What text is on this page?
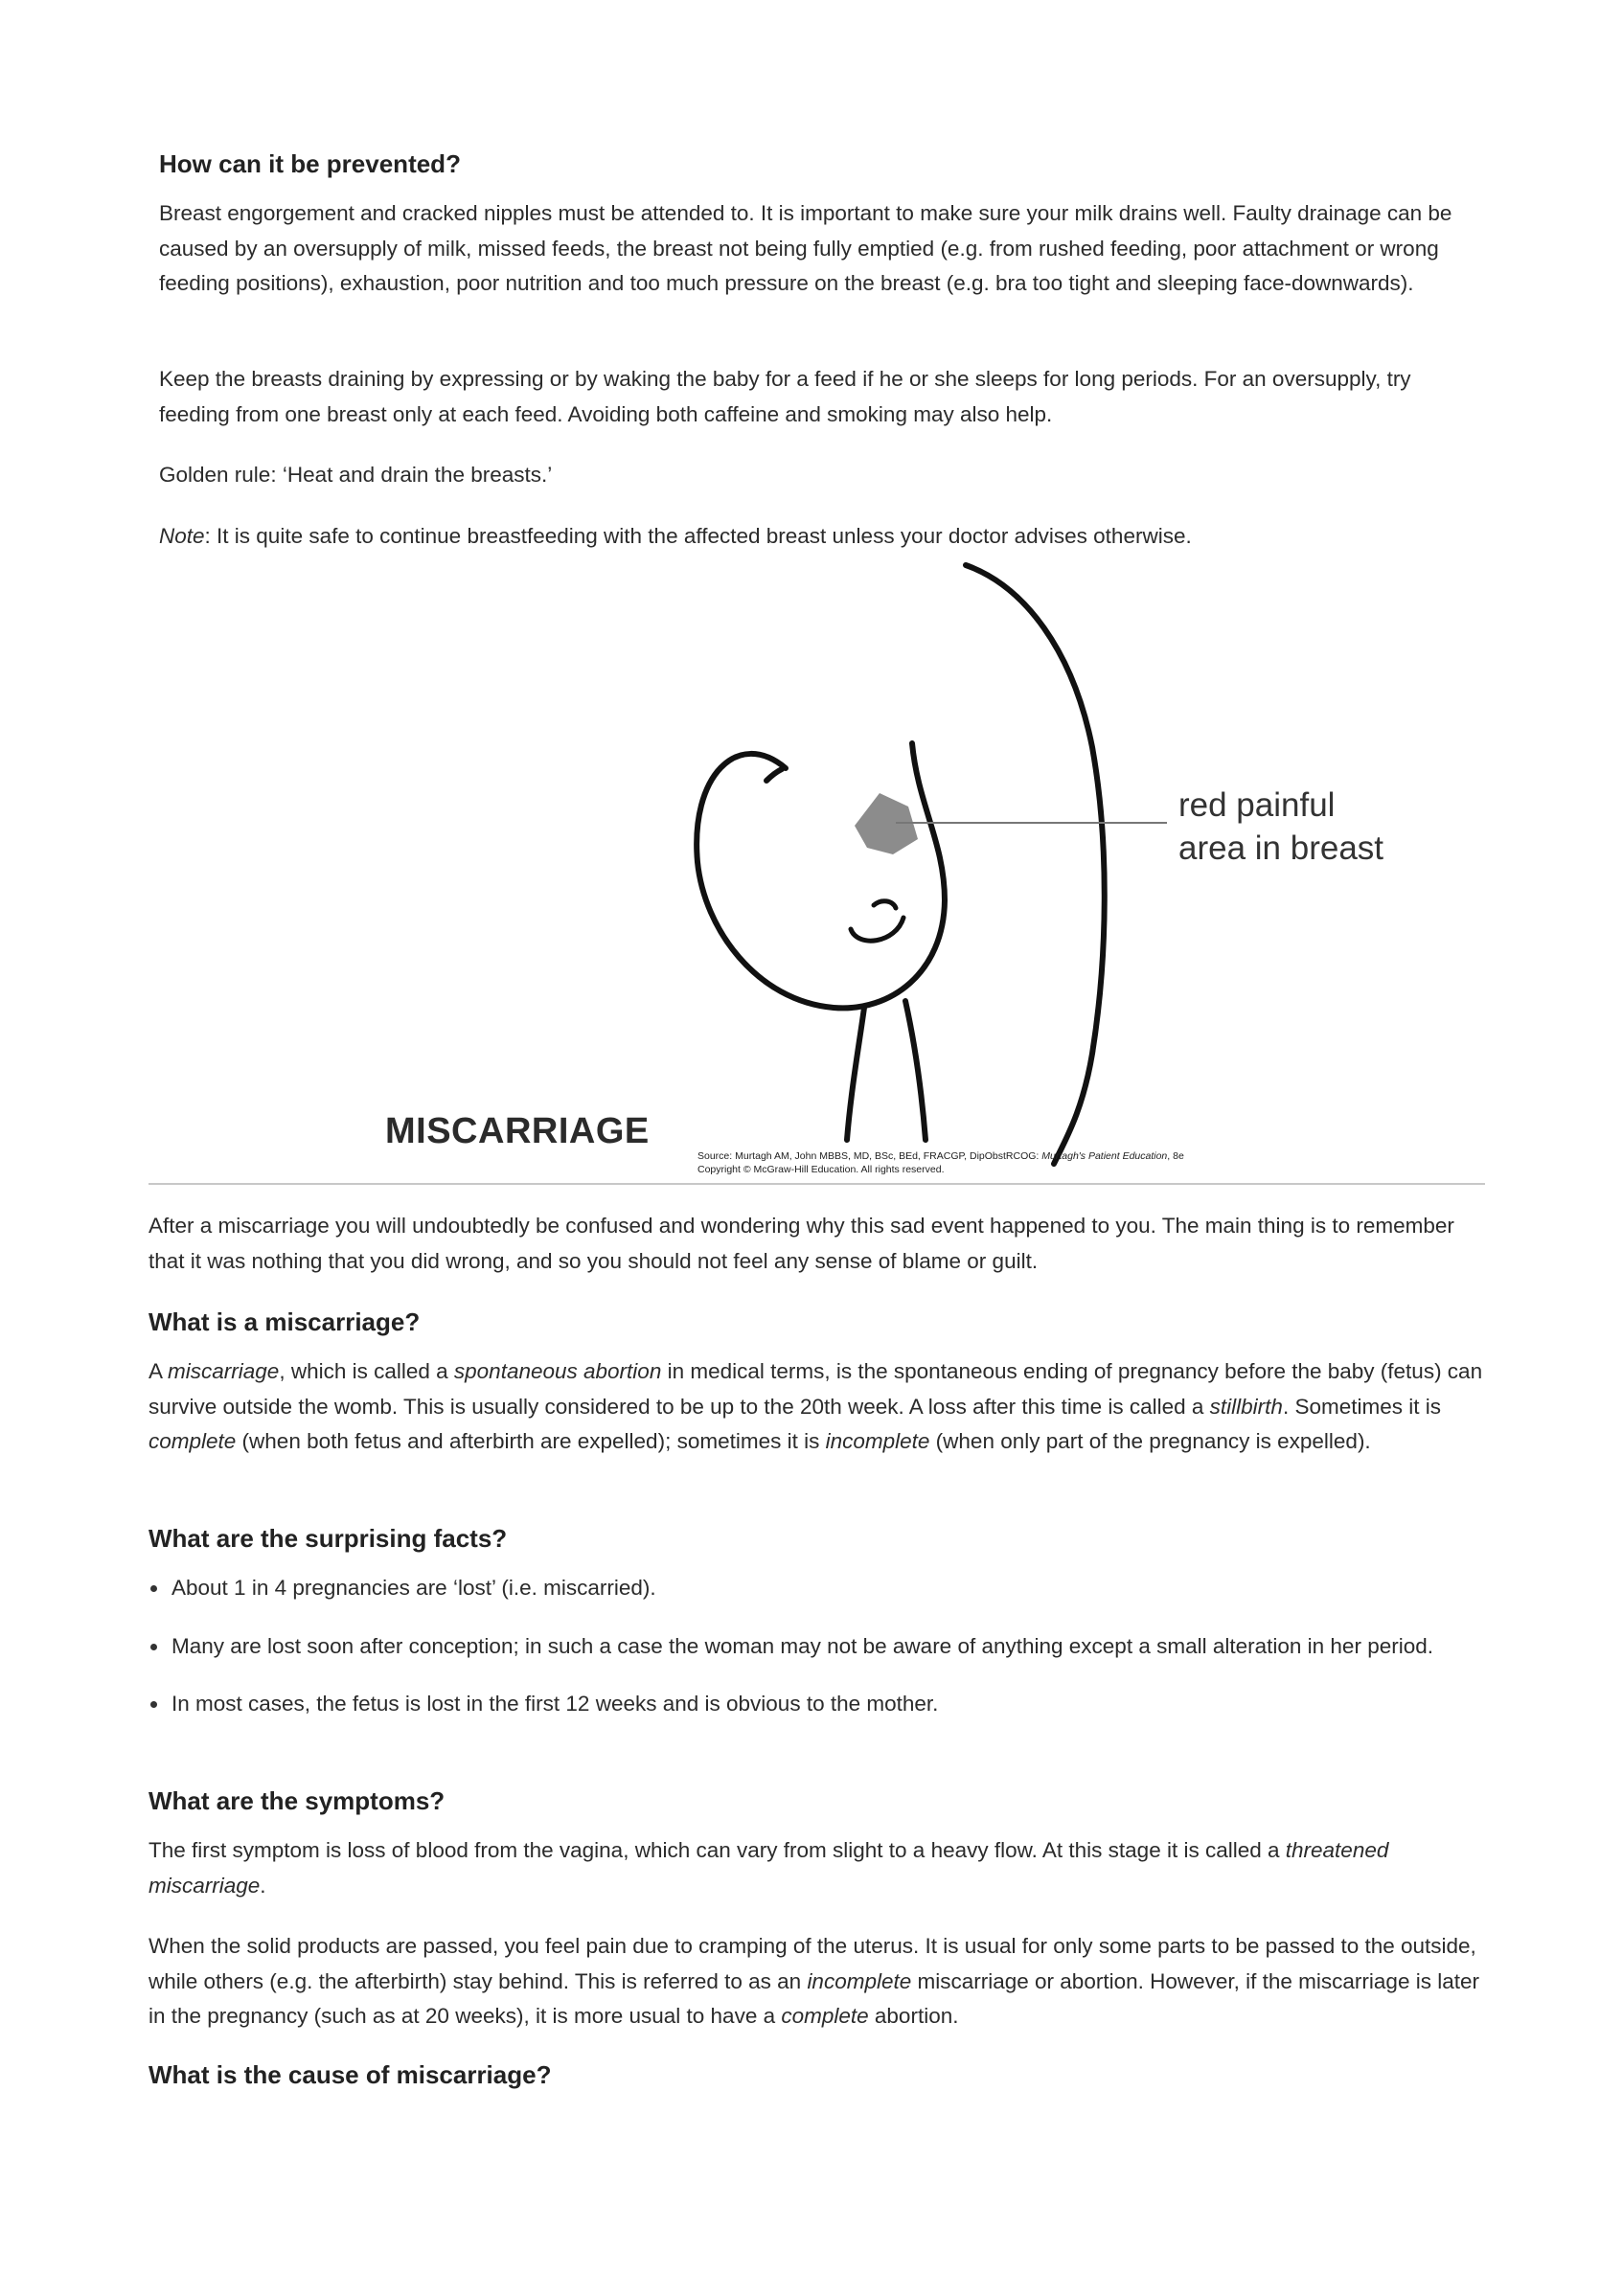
How can it be prevented?

Breast engorgement and cracked nipples must be attended to. It is important to make sure your milk drains well. Faulty drainage can be caused by an oversupply of milk, missed feeds, the breast not being fully emptied (e.g. from rushed feeding, poor attachment or wrong feeding positions), exhaustion, poor nutrition and too much pressure on the breast (e.g. bra too tight and sleeping face-downwards).

Keep the breasts draining by expressing or by waking the baby for a feed if he or she sleeps for long periods. For an oversupply, try feeding from one breast only at each feed. Avoiding both caffeine and smoking may also help.

Golden rule: ‘Heat and drain the breasts.’

Note: It is quite safe to continue breastfeeding with the affected breast unless your doctor advises otherwise.

red painful
area in breast
Source: Murtagh AM, John MBBS, MD, BSc, BEd, FRACGP, DipObstRCOG: Murtagh's Patient Education, 8e
Copyright © McGraw-Hill Education. All rights reserved.
MISCARRIAGE

After a miscarriage you will undoubtedly be confused and wondering why this sad event happened to you. The main thing is to remember that it was nothing that you did wrong, and so you should not feel any sense of blame or guilt.

What is a miscarriage?

A miscarriage, which is called a spontaneous abortion in medical terms, is the spontaneous ending of pregnancy before the baby (fetus) can survive outside the womb. This is usually considered to be up to the 20th week. A loss after this time is called a stillbirth. Sometimes it is complete (when both fetus and afterbirth are expelled); sometimes it is incomplete (when only part of the pregnancy is expelled).

What are the surprising facts?
About 1 in 4 pregnancies are ‘lost’ (i.e. miscarried).
Many are lost soon after conception; in such a case the woman may not be aware of anything except a small alteration in her period.
In most cases, the fetus is lost in the first 12 weeks and is obvious to the mother.
What are the symptoms?

The first symptom is loss of blood from the vagina, which can vary from slight to a heavy flow. At this stage it is called a threatened miscarriage.

When the solid products are passed, you feel pain due to cramping of the uterus. It is usual for only some parts to be passed to the outside, while others (e.g. the afterbirth) stay behind. This is referred to as an incomplete miscarriage or abortion. However, if the miscarriage is later in the pregnancy (such as at 20 weeks), it is more usual to have a complete abortion.

What is the cause of miscarriage?
